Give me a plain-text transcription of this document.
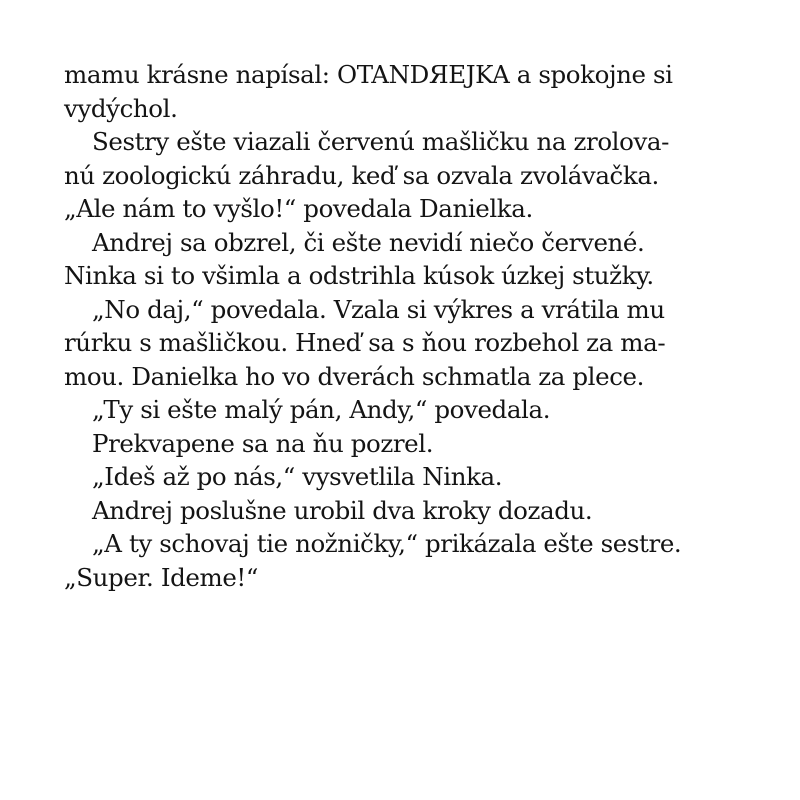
mamu krásne napísal: OTANDЯEJKA a spokojne si
vydýchol.
Sestry ešte viazali červenú mašličku na zrolova-
nú zoologickú záhradu, keď sa ozvala zvolávačka.
„Ale nám to vyšlo!“ povedala Danielka.
Andrej sa obzrel, či ešte nevidí niečo červené.
Ninka si to všimla a odstrihla kúsok úzkej stužky.
„No daj,“ povedala. Vzala si výkres a vrátila mu
rúrku s mašličkou. Hneď sa s ňou rozbehol za ma-
mou. Danielka ho vo dverách schmatla za plece.
„Ty si ešte malý pán, Andy,“ povedala.
Prekvapene sa na ňu pozrel.
„Ideš až po nás,“ vysvetlila Ninka.
Andrej poslušne urobil dva kroky dozadu.
„A ty schovaj tie nožničky,“ prikázala ešte sestre.
„Super. Ideme!“
